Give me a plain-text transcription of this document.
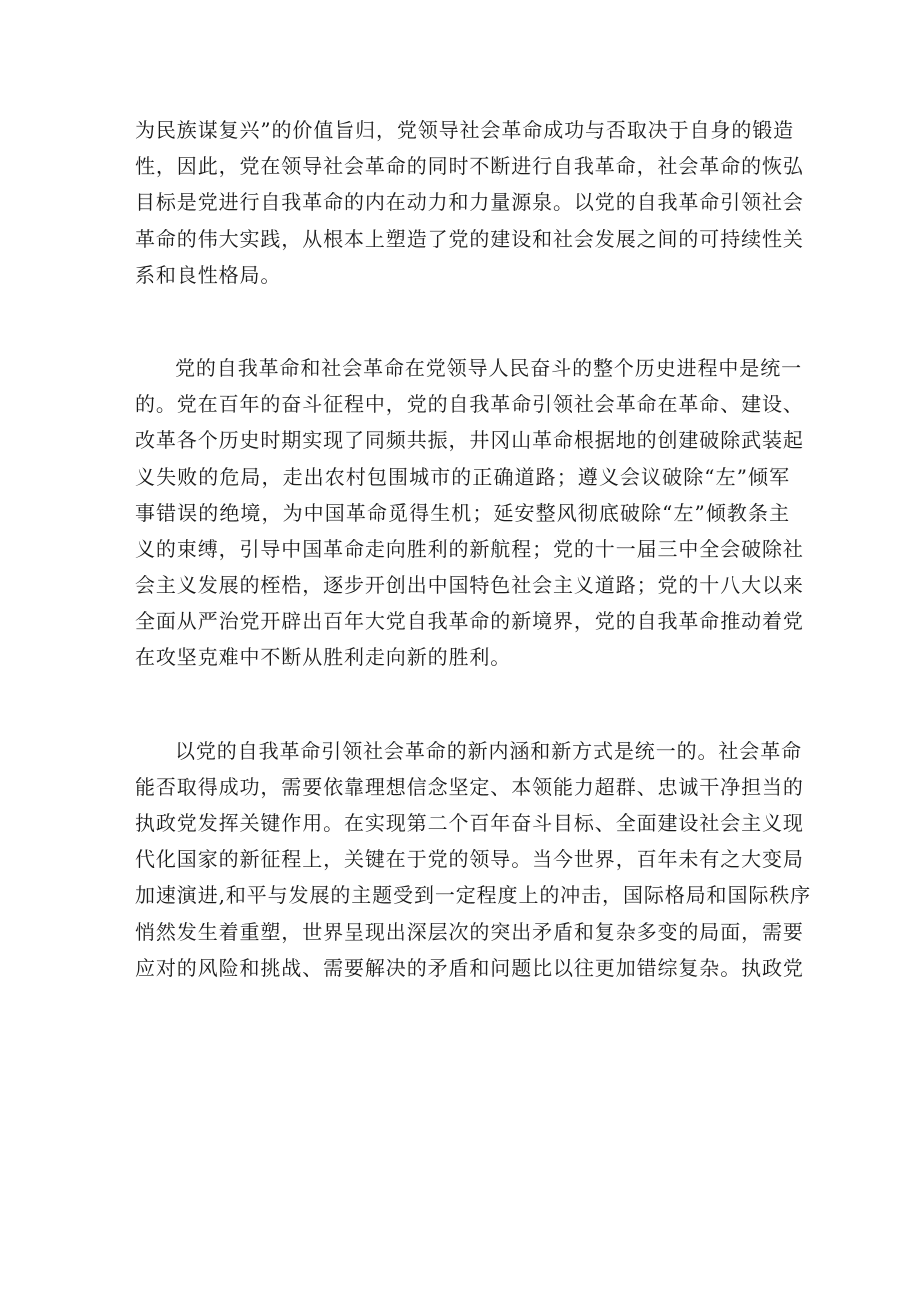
为民族谋复兴”的价值旨归，党领导社会革命成功与否取决于自身的锻造
性，因此，党在领导社会革命的同时不断进行自我革命，社会革命的恢弘
目标是党进行自我革命的内在动力和力量源泉。以党的自我革命引领社会
革命的伟大实践，从根本上塑造了党的建设和社会发展之间的可持续性关
系和良性格局。

党的自我革命和社会革命在党领导人民奋斗的整个历史进程中是统一
的。党在百年的奋斗征程中，党的自我革命引领社会革命在革命、建设、
改革各个历史时期实现了同频共振，井冈山革命根据地的创建破除武装起
义失败的危局，走出农村包围城市的正确道路；遵义会议破除“左”倾军
事错误的绝境，为中国革命觅得生机；延安整风彻底破除“左”倾教条主
义的束缚，引导中国革命走向胜利的新航程；党的十一届三中全会破除社
会主义发展的桎梏，逐步开创出中国特色社会主义道路；党的十八大以来
全面从严治党开辟出百年大党自我革命的新境界，党的自我革命推动着党
在攻坚克难中不断从胜利走向新的胜利。

以党的自我革命引领社会革命的新内涵和新方式是统一的。社会革命
能否取得成功，需要依靠理想信念坚定、本领能力超群、忠诚干净担当的
执政党发挥关键作用。在实现第二个百年奋斗目标、全面建设社会主义现
代化国家的新征程上，关键在于党的领导。当今世界，百年未有之大变局
加速演进,和平与发展的主题受到一定程度上的冲击，国际格局和国际秩序
悄然发生着重塑，世界呈现出深层次的突出矛盾和复杂多变的局面，需要
应对的风险和挑战、需要解决的矛盾和问题比以往更加错综复杂。执政党
